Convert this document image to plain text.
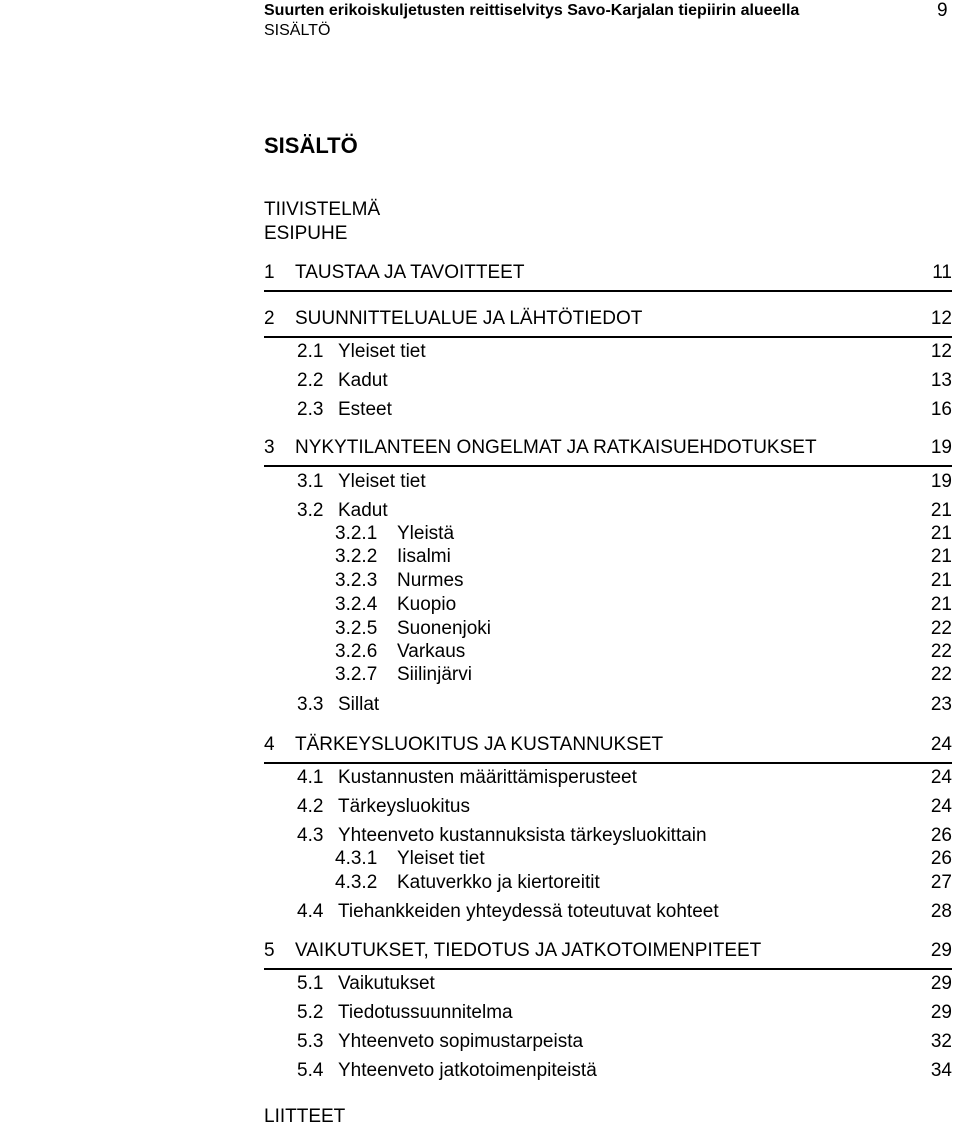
Suurten erikoiskuljetusten reittiselvitys Savo-Karjalan tiepiirin alueella
SISÄLTÖ
9
SISÄLTÖ
TIIVISTELMÄ
ESIPUHE
1 TAUSTAA JA TAVOITTEET	11
2 SUUNNITTELUALUE JA LÄHTÖTIEDOT	12
2.1 Yleiset tiet	12
2.2 Kadut	13
2.3 Esteet	16
3 NYKYTILANTEEN ONGELMAT JA RATKAISUEHDOTUKSET	19
3.1 Yleiset tiet	19
3.2 Kadut	21
3.2.1 Yleistä	21
3.2.2 Iisalmi	21
3.2.3 Nurmes	21
3.2.4 Kuopio	21
3.2.5 Suonenjoki	22
3.2.6 Varkaus	22
3.2.7 Siilinjärvi	22
3.3 Sillat	23
4 TÄRKEYSLUOKITUS JA KUSTANNUKSET	24
4.1 Kustannusten määrittämisperusteet	24
4.2 Tärkeysluokitus	24
4.3 Yhteenveto kustannuksista tärkeysluokittain	26
4.3.1 Yleiset tiet	26
4.3.2 Katuverkko ja kiertoreitit	27
4.4 Tiehankkeiden yhteydessä toteutuvat kohteet	28
5 VAIKUTUKSET, TIEDOTUS JA JATKOTOIMENPITEET	29
5.1 Vaikutukset	29
5.2 Tiedotussuunnitelma	29
5.3 Yhteenveto sopimustarpeista	32
5.4 Yhteenveto jatkotoimenpiteistä	34
LIITTEET
